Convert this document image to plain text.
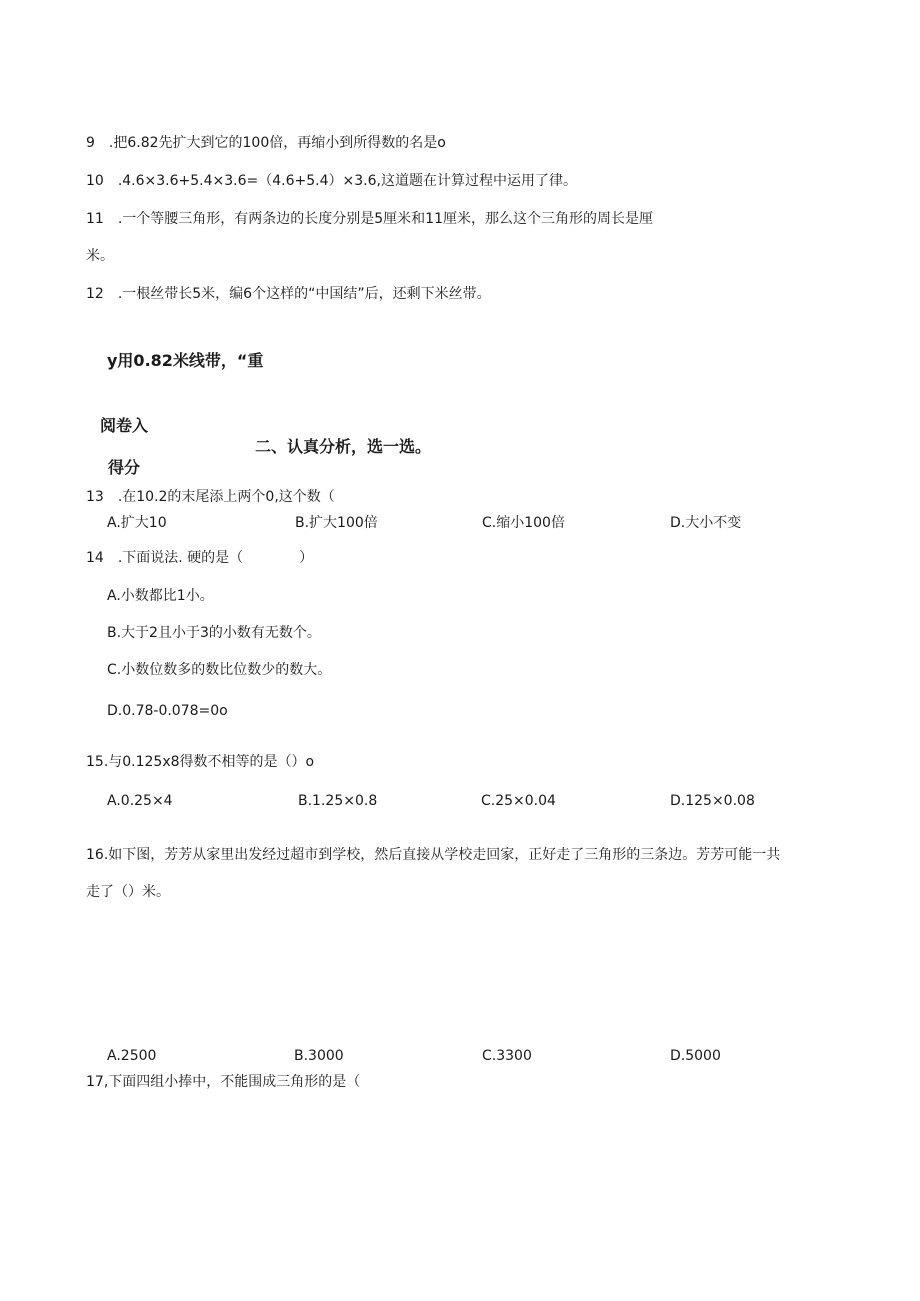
9　.把6.82先扩大到它的100倍，再缩小到所得数的名是o
10　.4.6×3.6+5.4×3.6=（4.6+5.4）×3.6,这道题在计算过程中运用了律。
11　.一个等腰三角形，有两条边的长度分别是5厘米和11厘米，那么这个三角形的周长是厘
米。
12　.一根丝带长5米，编6个这样的“中国结”后，还剩下米丝带。
y用0.82米线带，“重
阅卷入
二、认真分析，选一选。
得分
13　.在10.2的末尾添上两个0,这个数（
A.扩大10	B.扩大100倍	C.缩小100倍	D.大小不变
14　.下面说法. 硬的是（　　　　）
A.小数都比1小。
B.大于2且小于3的小数有无数个。
C.小数位数多的数比位数少的数大。
D.0.78-0.078=0o
15.与0.125x8得数不相等的是（）o
A.0.25×4	B.1.25×0.8	C.25×0.04	D.125×0.08
16.如下图，芳芳从家里出发经过超市到学校，然后直接从学校走回家，正好走了三角形的三条边。芳芳可能一共
走了（）米。
A.2500	B.3000	C.3300	D.5000
17,下面四组小捧中，不能围成三角形的是（
